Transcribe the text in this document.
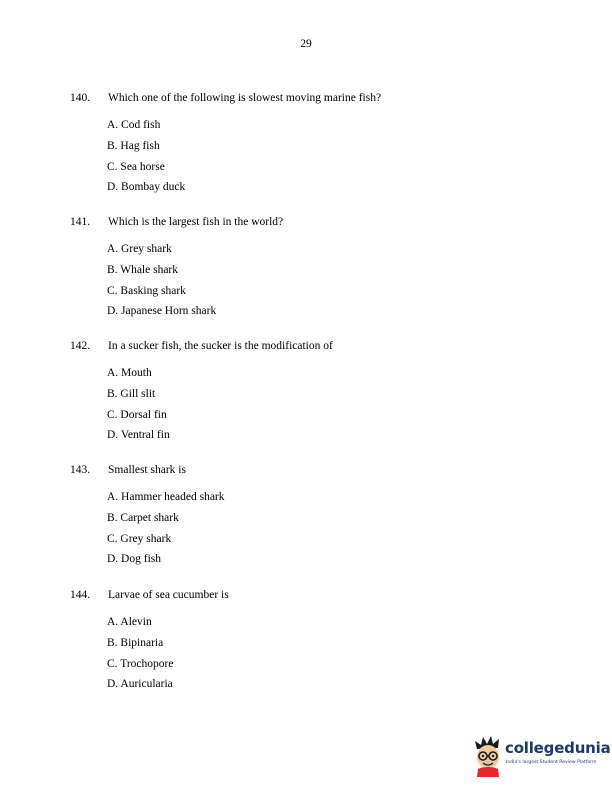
29
140. Which one of the following is slowest moving marine fish?
A. Cod fish
B. Hag fish
C. Sea horse
D. Bombay duck
141. Which is the largest fish in the world?
A. Grey shark
B. Whale shark
C. Basking shark
D. Japanese Horn shark
142. In a sucker fish, the sucker is the modification of
A. Mouth
B. Gill slit
C. Dorsal fin
D. Ventral fin
143. Smallest shark is
A. Hammer headed shark
B. Carpet shark
C. Grey shark
D. Dog fish
144. Larvae of sea cucumber is
A. Alevin
B. Bipinaria
C. Trochopore
D. Auricularia
collegedunia
India's largest Student Review Platform
